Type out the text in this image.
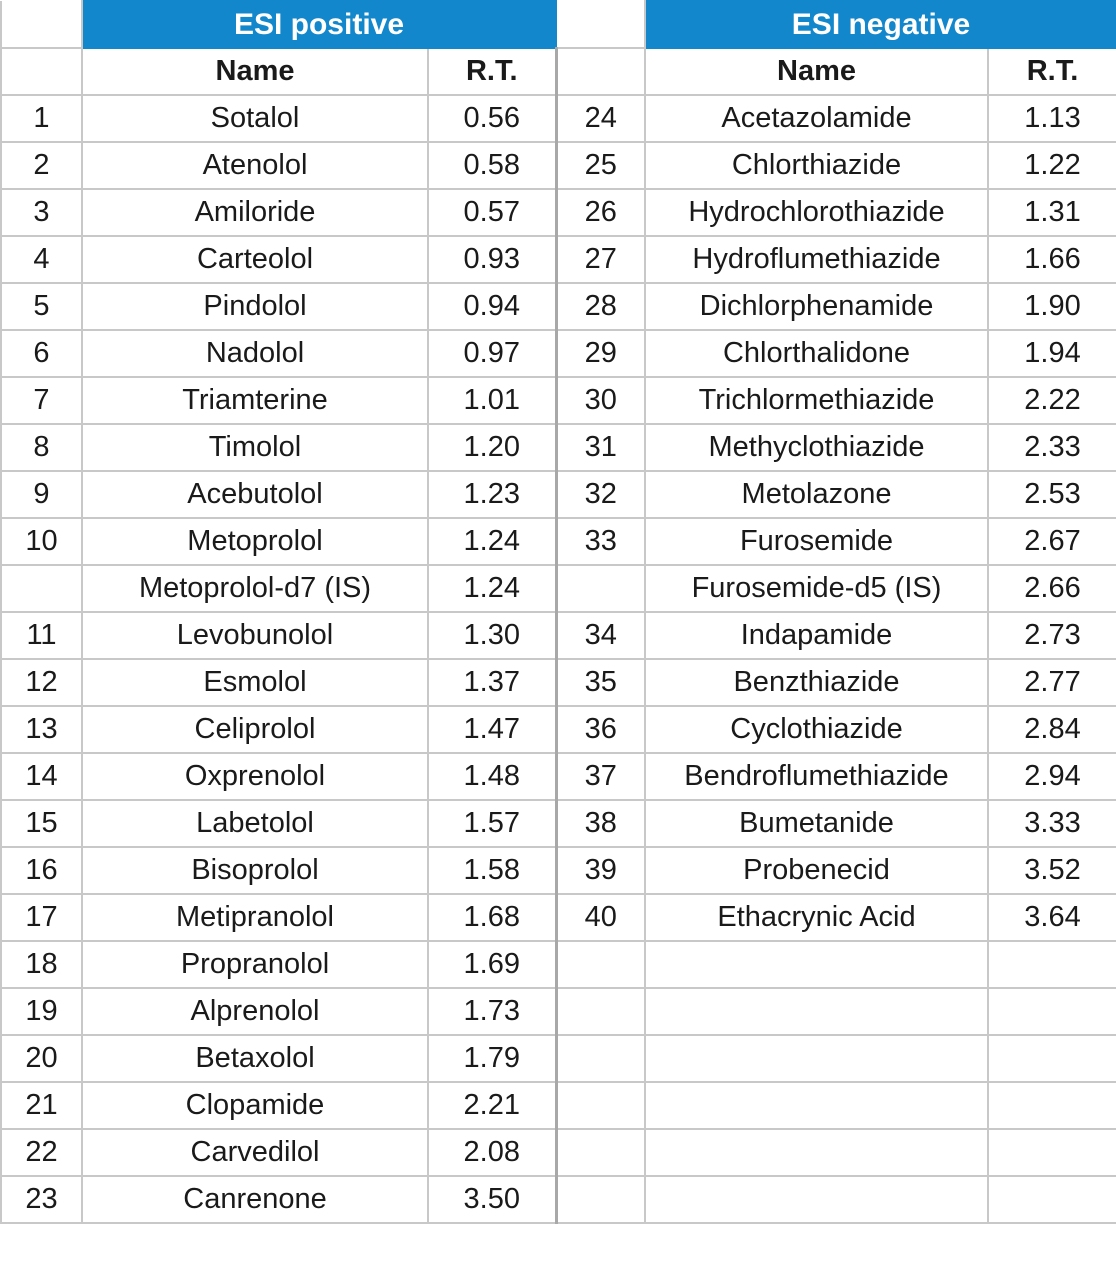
	ESI positive			ESI negative	
	Name	R.T.		Name	R.T.
1	Sotalol	0.56	24	Acetazolamide	1.13
2	Atenolol	0.58	25	Chlorthiazide	1.22
3	Amiloride	0.57	26	Hydrochlorothiazide	1.31
4	Carteolol	0.93	27	Hydroflumethiazide	1.66
5	Pindolol	0.94	28	Dichlorphenamide	1.90
6	Nadolol	0.97	29	Chlorthalidone	1.94
7	Triamterine	1.01	30	Trichlormethiazide	2.22
8	Timolol	1.20	31	Methyclothiazide	2.33
9	Acebutolol	1.23	32	Metolazone	2.53
10	Metoprolol	1.24	33	Furosemide	2.67
	Metoprolol-d7 (IS)	1.24		Furosemide-d5 (IS)	2.66
11	Levobunolol	1.30	34	Indapamide	2.73
12	Esmolol	1.37	35	Benzthiazide	2.77
13	Celiprolol	1.47	36	Cyclothiazide	2.84
14	Oxprenolol	1.48	37	Bendroflumethiazide	2.94
15	Labetolol	1.57	38	Bumetanide	3.33
16	Bisoprolol	1.58	39	Probenecid	3.52
17	Metipranolol	1.68	40	Ethacrynic Acid	3.64
18	Propranolol	1.69			
19	Alprenolol	1.73			
20	Betaxolol	1.79			
21	Clopamide	2.21			
22	Carvedilol	2.08			
23	Canrenone	3.50			
